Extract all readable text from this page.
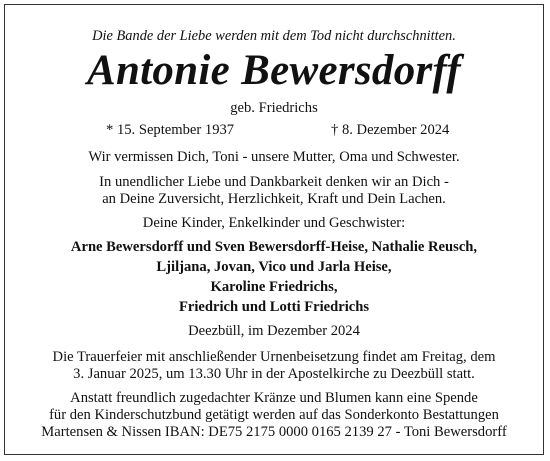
Die Bande der Liebe werden mit dem Tod nicht durchschnitten.
Antonie Bewersdorff
geb. Friedrichs
* 15. September 1937	† 8. Dezember 2024
Wir vermissen Dich, Toni - unsere Mutter, Oma und Schwester.
In unendlicher Liebe und Dankbarkeit denken wir an Dich -
an Deine Zuversicht, Herzlichkeit, Kraft und Dein Lachen.
Deine Kinder, Enkelkinder und Geschwister:
Arne Bewersdorff und Sven Bewersdorff-Heise, Nathalie Reusch,
Ljiljana, Jovan, Vico und Jarla Heise,
Karoline Friedrichs,
Friedrich und Lotti Friedrichs
Deezbüll, im Dezember 2024
Die Trauerfeier mit anschließender Urnenbeisetzung findet am Freitag, dem
3. Januar 2025, um 13.30 Uhr in der Apostelkirche zu Deezbüll statt.
Anstatt freundlich zugedachter Kränze und Blumen kann eine Spende
für den Kinderschutzbund getätigt werden auf das Sonderkonto Bestattungen
Martensen & Nissen IBAN: DE75 2175 0000 0165 2139 27 - Toni Bewersdorff
